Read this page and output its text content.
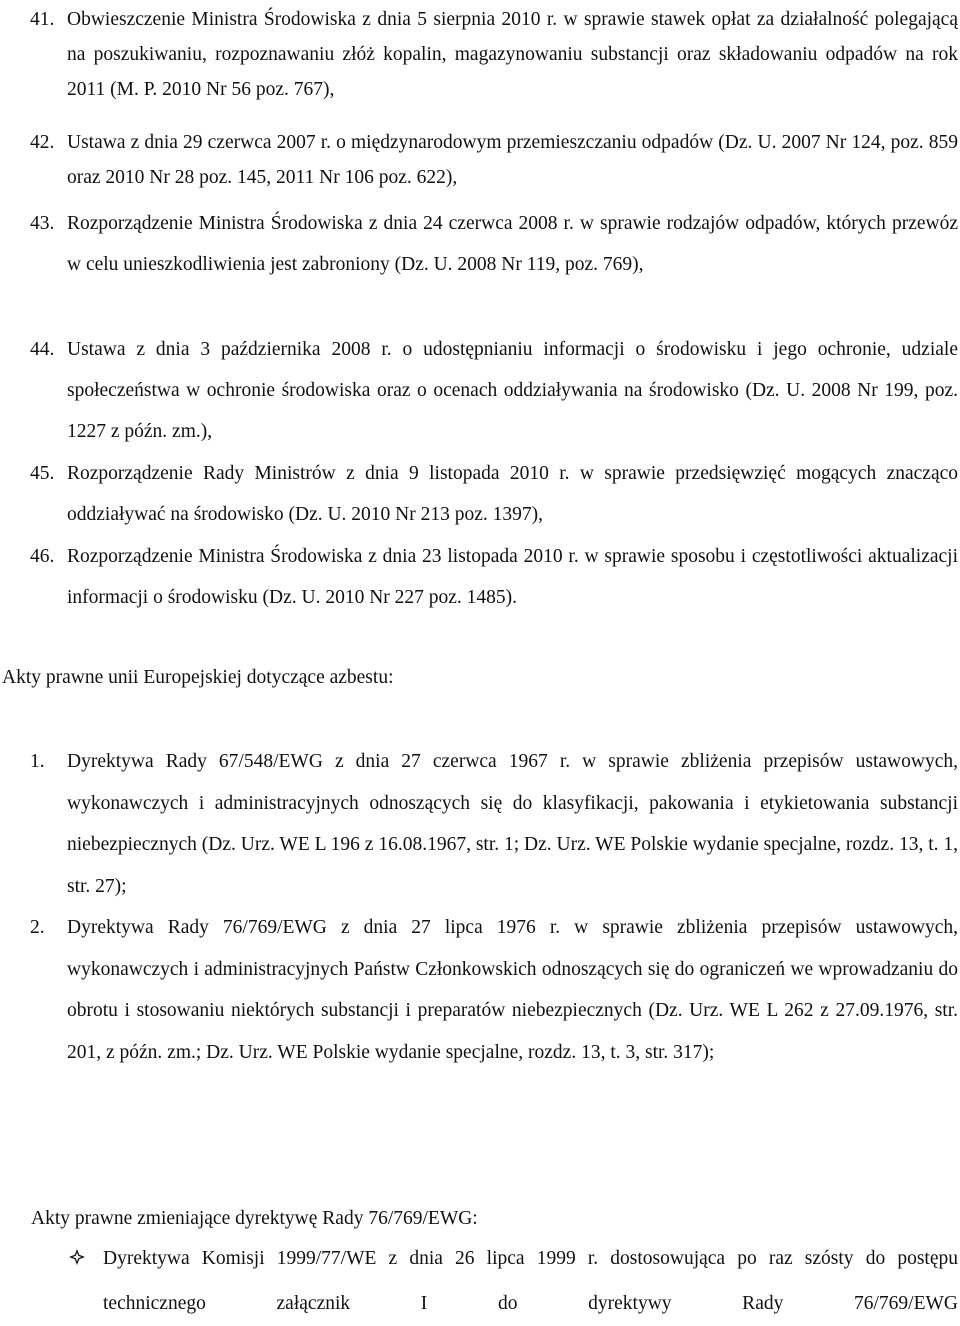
41. Obwieszczenie Ministra Środowiska z dnia 5 sierpnia 2010 r. w sprawie stawek opłat za działalność polegającą na poszukiwaniu, rozpoznawaniu złóż kopalin, magazynowaniu substancji oraz składowaniu odpadów na rok 2011 (M. P. 2010 Nr 56 poz. 767),
42. Ustawa z dnia 29 czerwca 2007 r. o międzynarodowym przemieszczaniu odpadów (Dz. U. 2007 Nr 124, poz. 859 oraz 2010 Nr 28 poz. 145, 2011 Nr 106 poz. 622),
43. Rozporządzenie Ministra Środowiska z dnia 24 czerwca 2008 r. w sprawie rodzajów odpadów, których przewóz w celu unieszkodliwienia jest zabroniony (Dz. U. 2008 Nr 119, poz. 769),
44. Ustawa z dnia 3 października 2008 r. o udostępnianiu informacji o środowisku i jego ochronie, udziale społeczeństwa w ochronie środowiska oraz o ocenach oddziaływania na środowisko (Dz. U. 2008 Nr 199, poz. 1227 z późn. zm.),
45. Rozporządzenie Rady Ministrów z dnia 9 listopada 2010 r. w sprawie przedsięwzięć mogących znacząco oddziaływać na środowisko (Dz. U. 2010 Nr 213 poz. 1397),
46. Rozporządzenie Ministra Środowiska z dnia 23 listopada 2010 r. w sprawie sposobu i częstotliwości aktualizacji informacji o środowisku (Dz. U. 2010 Nr 227 poz. 1485).
Akty prawne unii Europejskiej dotyczące azbestu:
1.	Dyrektywa Rady 67/548/EWG z dnia 27 czerwca 1967 r. w sprawie zbliżenia przepisów ustawowych, wykonawczych i administracyjnych odnoszących się do klasyfikacji, pakowania i etykietowania substancji niebezpiecznych (Dz. Urz. WE L 196 z 16.08.1967, str. 1; Dz. Urz. WE Polskie wydanie specjalne, rozdz. 13, t. 1, str. 27);
2.	Dyrektywa Rady 76/769/EWG z dnia 27 lipca 1976 r. w sprawie zbliżenia przepisów ustawowych, wykonawczych i administracyjnych Państw Członkowskich odnoszących się do ograniczeń we wprowadzaniu do obrotu i stosowaniu niektórych substancji i preparatów niebezpiecznych (Dz. Urz. WE L 262 z 27.09.1976, str. 201, z późn. zm.; Dz. Urz. WE Polskie wydanie specjalne, rozdz. 13, t. 3, str. 317);
Akty prawne zmieniające dyrektywę Rady 76/769/EWG:
Dyrektywa Komisji 1999/77/WE z dnia 26 lipca 1999 r. dostosowująca po raz szósty do postępu technicznego załącznik I do dyrektywy Rady 76/769/EWG
